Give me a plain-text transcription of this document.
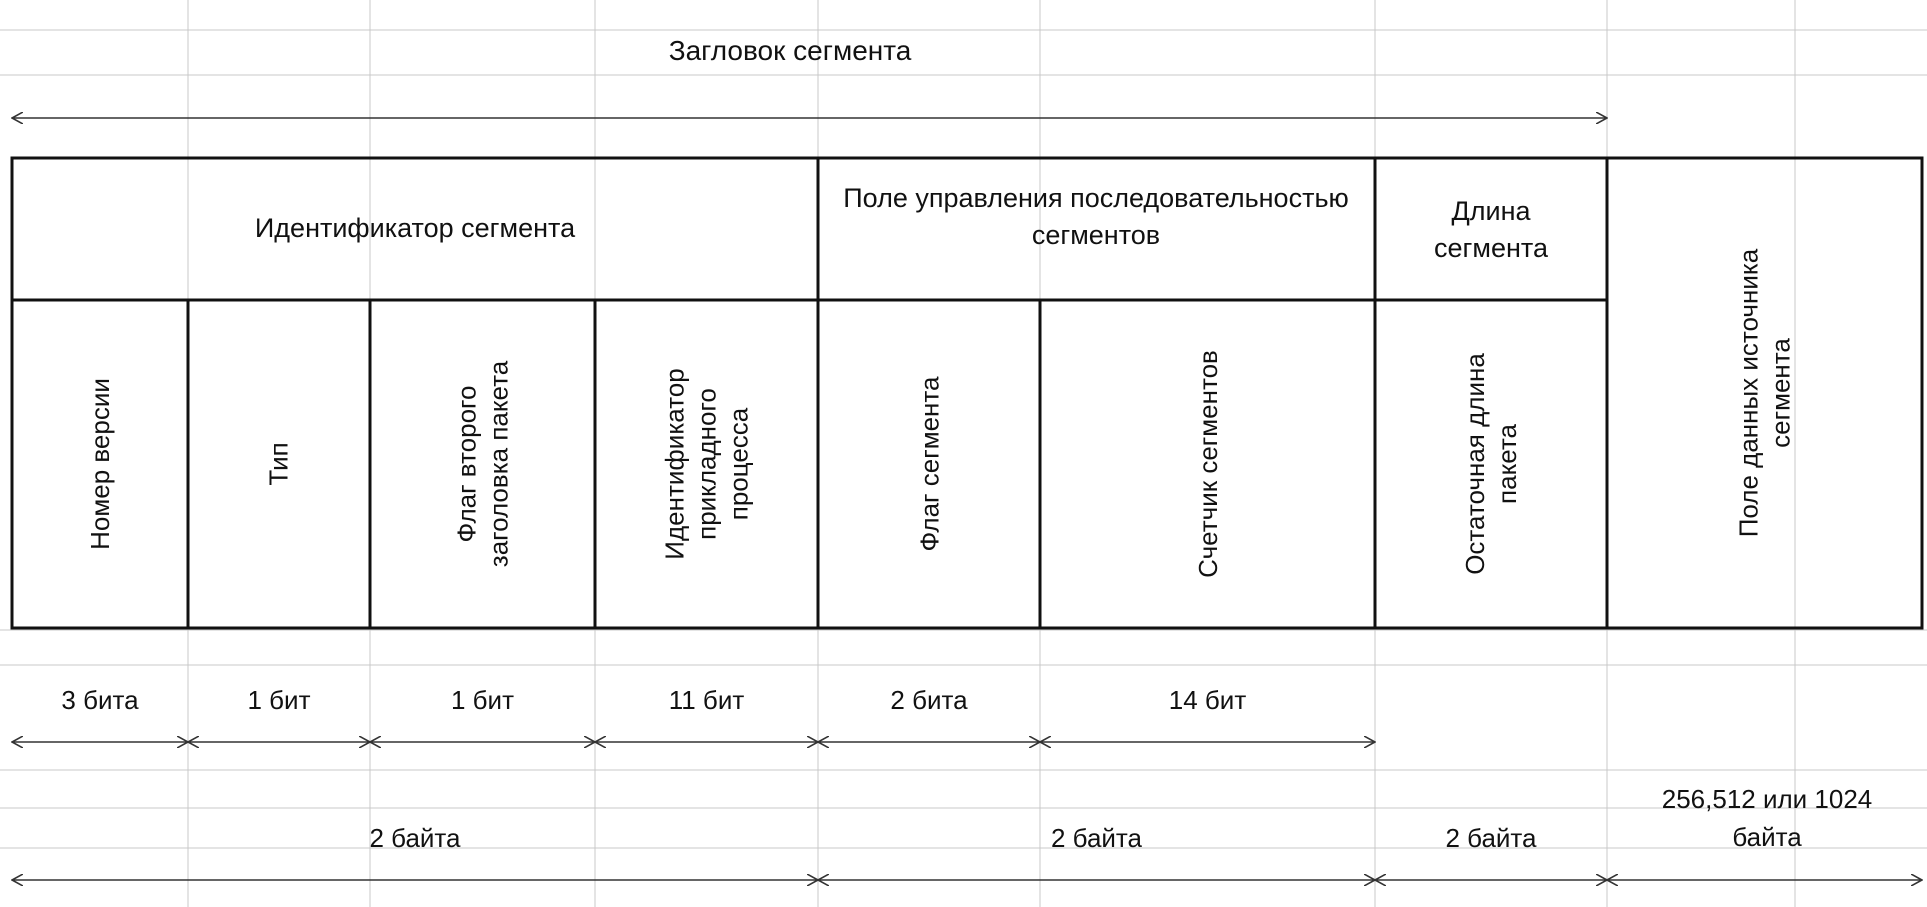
Загловок сегмента
Идентификатор сегмента
Поле управления последовательностью сегментов
Длина сегмента
Номер версии	Тип	Флаг второго заголовка пакета	Идентификатор прикладного процесса	Флаг сегмента	Счетчик сегментов	Остаточная длина пакета	Поле данных источника сегмента
3 бита	1 бит	1 бит	11 бит	2 бита	14 бит
2 байта	2 байта	2 байта
256,512 или 1024 байта
